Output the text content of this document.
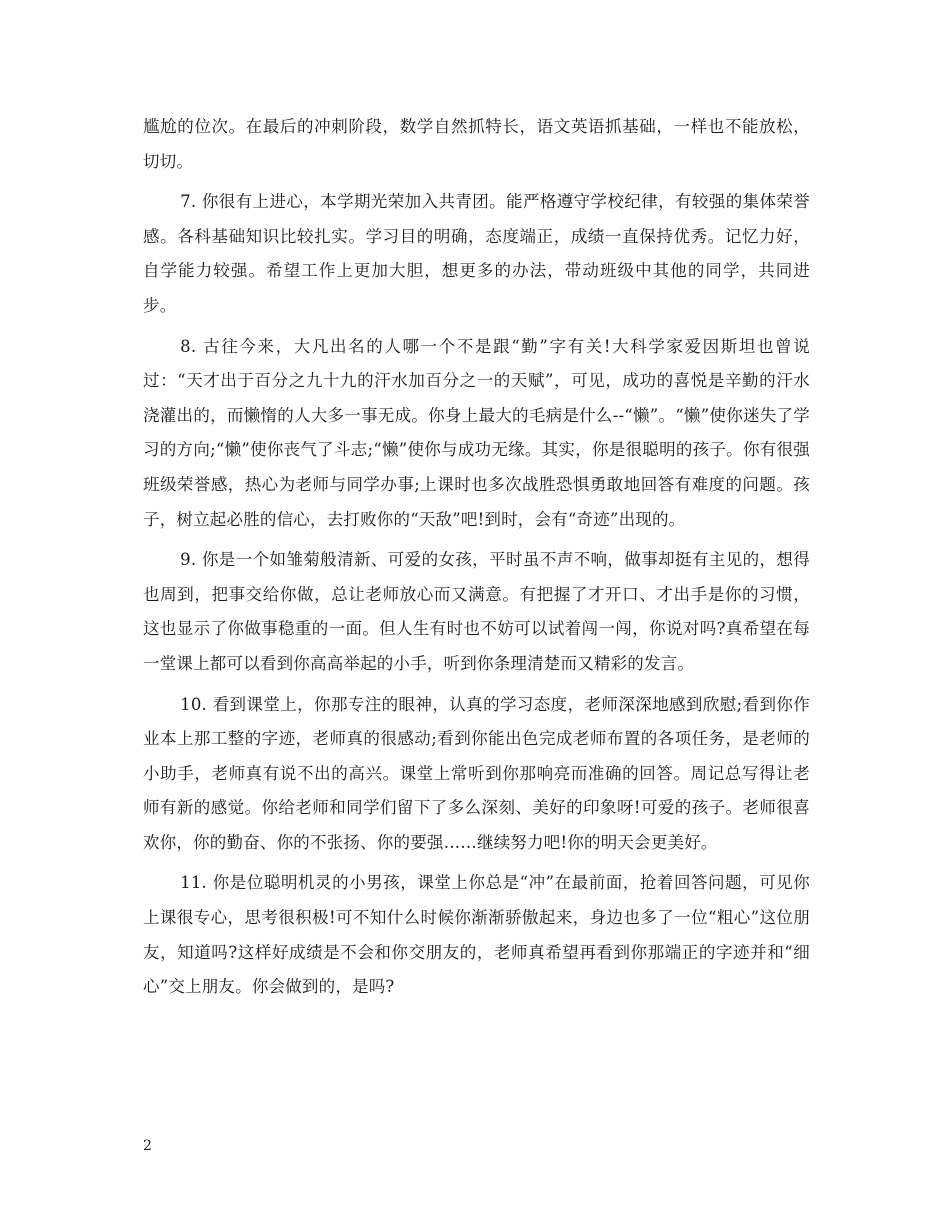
尴尬的位次。在最后的冲刺阶段，数学自然抓特长，语文英语抓基础，一样也不能放松，切切。

7. 你很有上进心，本学期光荣加入共青团。能严格遵守学校纪律，有较强的集体荣誉感。各科基础知识比较扎实。学习目的明确，态度端正，成绩一直保持优秀。记忆力好，自学能力较强。希望工作上更加大胆，想更多的办法，带动班级中其他的同学，共同进步。

8. 古往今来，大凡出名的人哪一个不是跟“勤”字有关!大科学家爱因斯坦也曾说过：“天才出于百分之九十九的汗水加百分之一的天赋”，可见，成功的喜悦是辛勤的汗水浇灌出的，而懒惰的人大多一事无成。你身上最大的毛病是什么--“懒”。“懒”使你迷失了学习的方向;“懒”使你丧气了斗志;“懒”使你与成功无缘。其实，你是很聪明的孩子。你有很强班级荣誉感，热心为老师与同学办事;上课时也多次战胜恐惧勇敢地回答有难度的问题。孩子，树立起必胜的信心，去打败你的“天敌”吧!到时，会有“奇迹”出现的。

9. 你是一个如雏菊般清新、可爱的女孩，平时虽不声不响，做事却挺有主见的，想得也周到，把事交给你做，总让老师放心而又满意。有把握了才开口、才出手是你的习惯，这也显示了你做事稳重的一面。但人生有时也不妨可以试着闯一闯，你说对吗?真希望在每一堂课上都可以看到你高高举起的小手，听到你条理清楚而又精彩的发言。

10. 看到课堂上，你那专注的眼神，认真的学习态度，老师深深地感到欣慰;看到你作业本上那工整的字迹，老师真的很感动;看到你能出色完成老师布置的各项任务，是老师的小助手，老师真有说不出的高兴。课堂上常听到你那响亮而准确的回答。周记总写得让老师有新的感觉。你给老师和同学们留下了多么深刻、美好的印象呀!可爱的孩子。老师很喜欢你，你的勤奋、你的不张扬、你的要强……继续努力吧!你的明天会更美好。

11. 你是位聪明机灵的小男孩，课堂上你总是“冲”在最前面，抢着回答问题，可见你上课很专心，思考很积极!可不知什么时候你渐渐骄傲起来，身边也多了一位“粗心”这位朋友，知道吗?这样好成绩是不会和你交朋友的，老师真希望再看到你那端正的字迹并和“细心”交上朋友。你会做到的，是吗?

2
